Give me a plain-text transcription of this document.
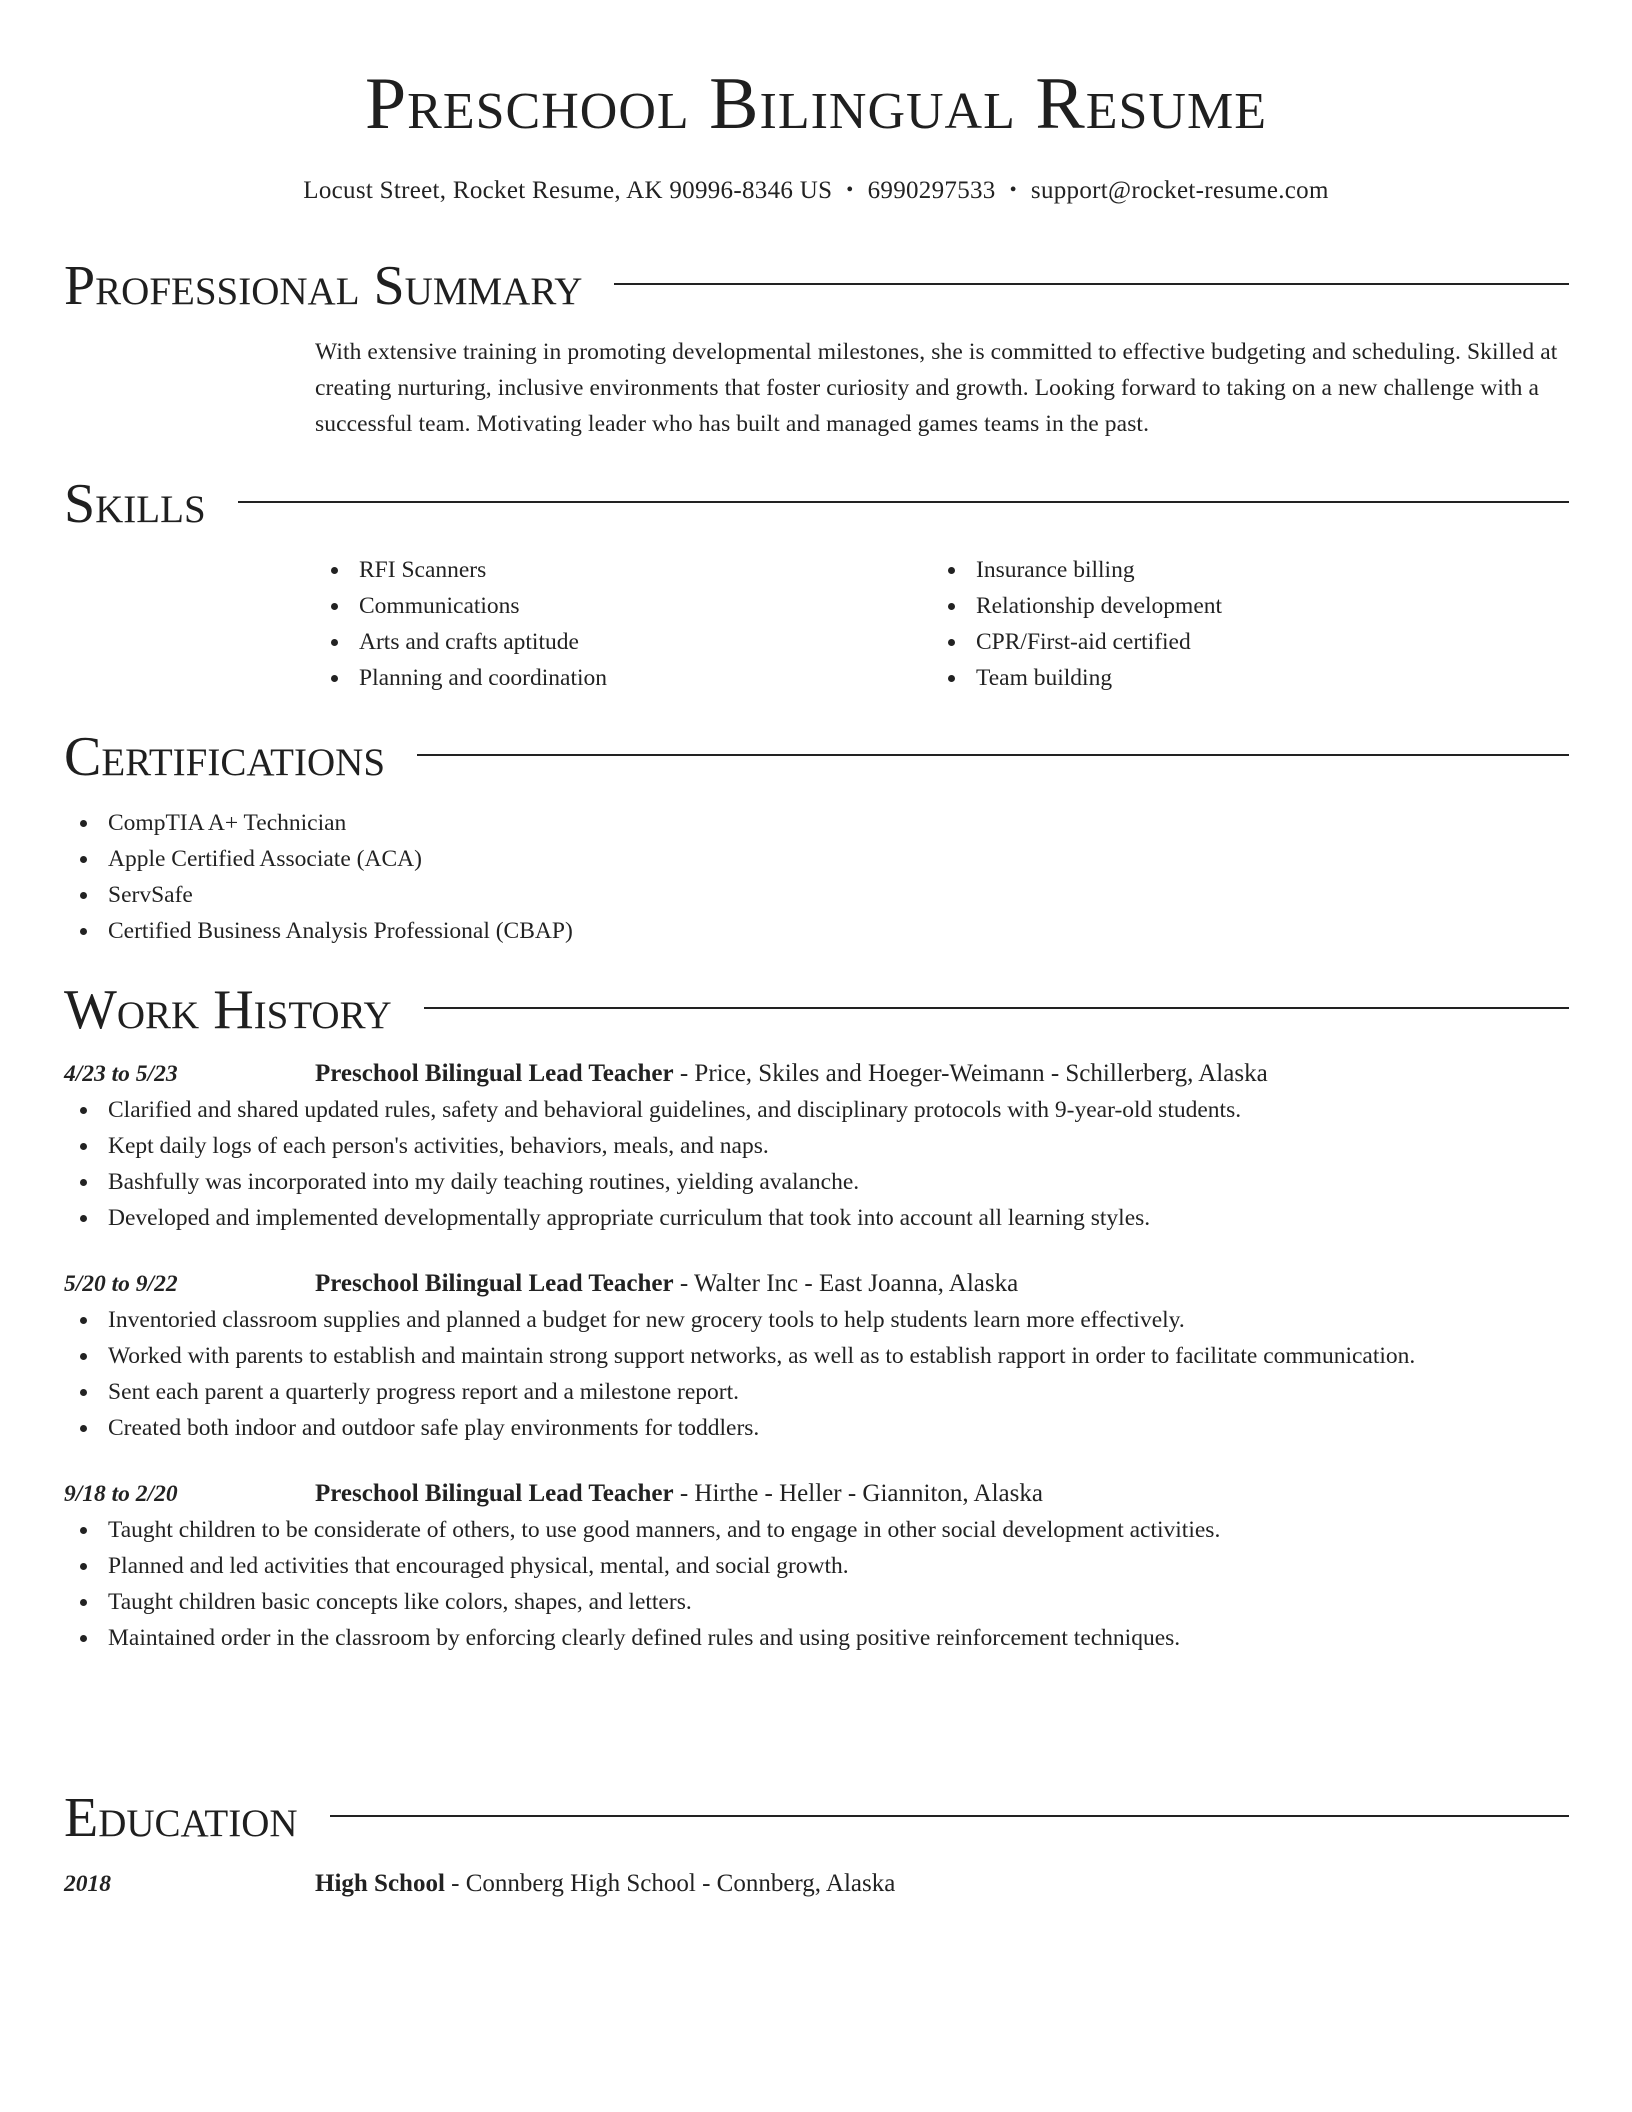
Preschool Bilingual Resume
Locust Street, Rocket Resume, AK 90996-8346 US • 6990297533 • support@rocket-resume.com
Professional Summary
With extensive training in promoting developmental milestones, she is committed to effective budgeting and scheduling. Skilled at creating nurturing, inclusive environments that foster curiosity and growth. Looking forward to taking on a new challenge with a successful team. Motivating leader who has built and managed games teams in the past.
Skills
RFI Scanners
Communications
Arts and crafts aptitude
Planning and coordination
Insurance billing
Relationship development
CPR/First-aid certified
Team building
Certifications
CompTIA A+ Technician
Apple Certified Associate (ACA)
ServSafe
Certified Business Analysis Professional (CBAP)
Work History
4/23 to 5/23	Preschool Bilingual Lead Teacher - Price, Skiles and Hoeger-Weimann - Schillerberg, Alaska
Clarified and shared updated rules, safety and behavioral guidelines, and disciplinary protocols with 9-year-old students.
Kept daily logs of each person's activities, behaviors, meals, and naps.
Bashfully was incorporated into my daily teaching routines, yielding avalanche.
Developed and implemented developmentally appropriate curriculum that took into account all learning styles.
5/20 to 9/22	Preschool Bilingual Lead Teacher - Walter Inc - East Joanna, Alaska
Inventoried classroom supplies and planned a budget for new grocery tools to help students learn more effectively.
Worked with parents to establish and maintain strong support networks, as well as to establish rapport in order to facilitate communication.
Sent each parent a quarterly progress report and a milestone report.
Created both indoor and outdoor safe play environments for toddlers.
9/18 to 2/20	Preschool Bilingual Lead Teacher - Hirthe - Heller - Gianniton, Alaska
Taught children to be considerate of others, to use good manners, and to engage in other social development activities.
Planned and led activities that encouraged physical, mental, and social growth.
Taught children basic concepts like colors, shapes, and letters.
Maintained order in the classroom by enforcing clearly defined rules and using positive reinforcement techniques.
Education
2018	High School - Connberg High School - Connberg, Alaska
